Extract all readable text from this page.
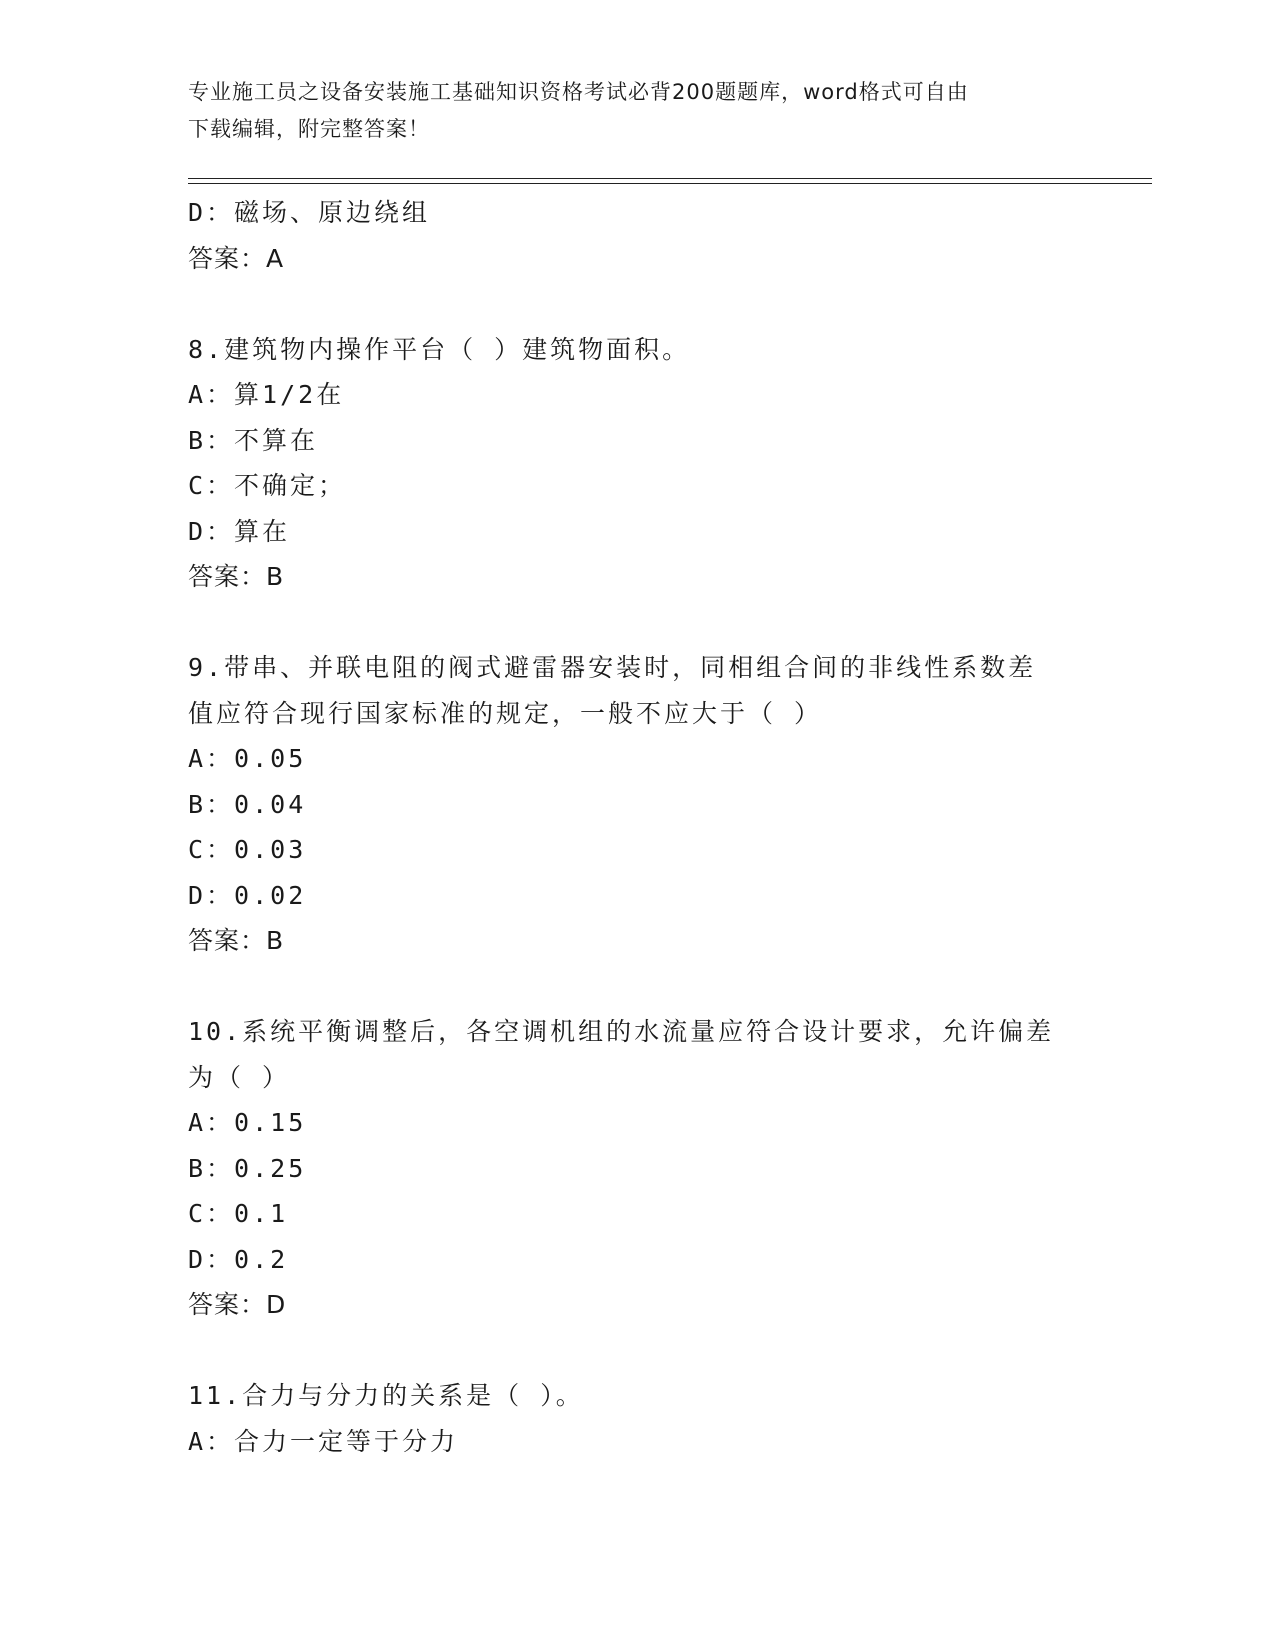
专业施工员之设备安装施工基础知识资格考试必背200题题库，word格式可自由
下载编辑，附完整答案！
D：磁场、原边绕组
答案：A
8.建筑物内操作平台（ ）建筑物面积。
A：算1/2在
B：不算在
C：不确定；
D：算在
答案：B
9.带串、并联电阻的阀式避雷器安装时，同相组合间的非线性系数差
值应符合现行国家标准的规定，一般不应大于（ ）
A：0.05
B：0.04
C：0.03
D：0.02
答案：B
10.系统平衡调整后，各空调机组的水流量应符合设计要求，允许偏差
为（ ）
A：0.15
B：0.25
C：0.1
D：0.2
答案：D
11.合力与分力的关系是（ ）。
A：合力一定等于分力
